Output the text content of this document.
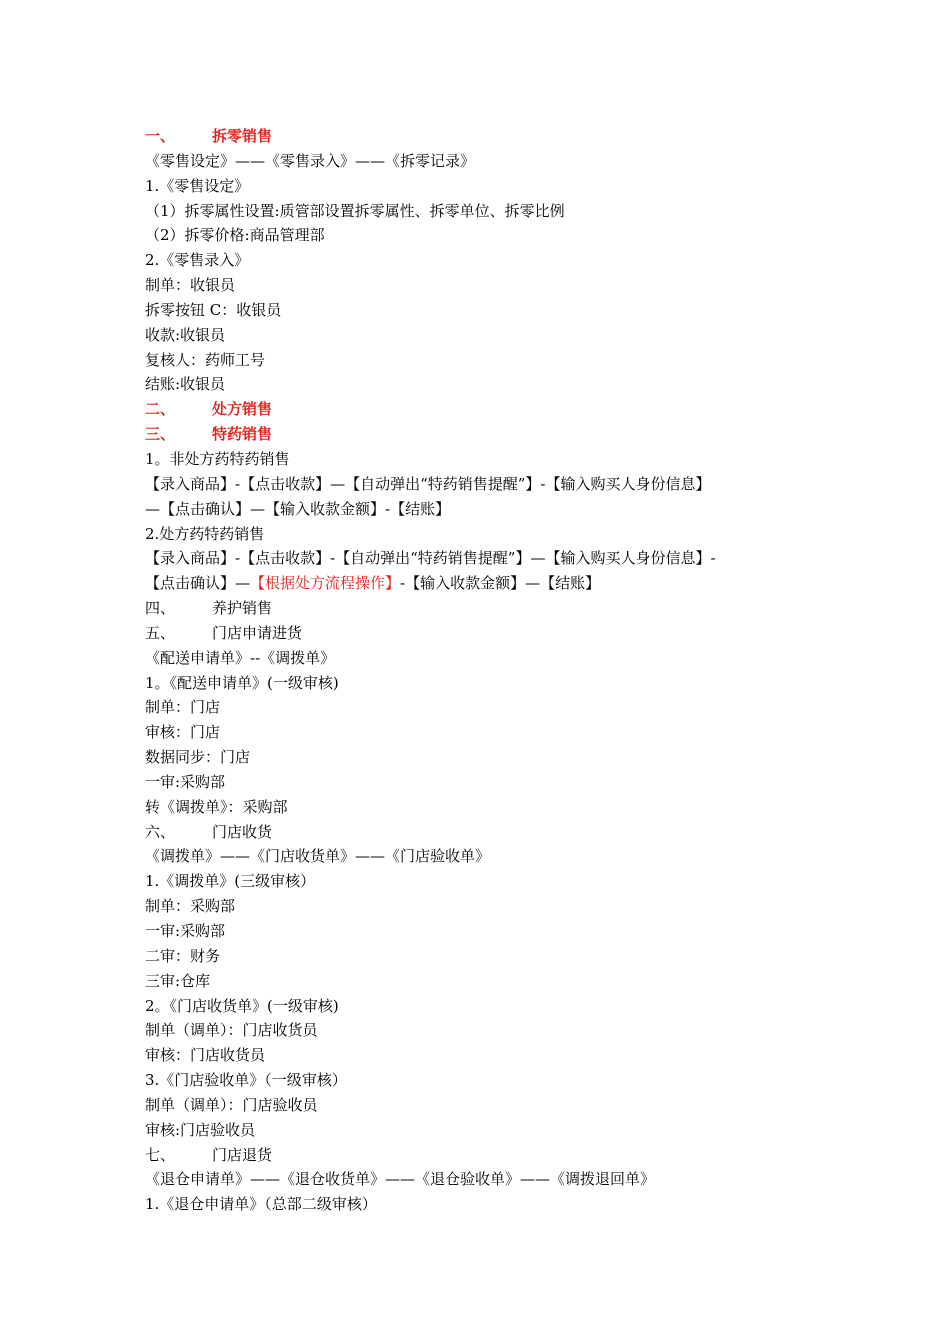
一、 拆零销售
《零售设定》——《零售录入》——《拆零记录》
1.《零售设定》
（1）拆零属性设置:质管部设置拆零属性、拆零单位、拆零比例
（2）拆零价格:商品管理部
2.《零售录入》
制单：收银员
拆零按钮 C：收银员
收款:收银员
复核人：药师工号
结账:收银员
二、 处方销售
三、 特药销售
1。非处方药特药销售
【录入商品】-【点击收款】—【自动弹出“特药销售提醒”】-【输入购买人身份信息】
—【点击确认】—【输入收款金额】-【结账】
2.处方药特药销售
【录入商品】-【点击收款】-【自动弹出“特药销售提醒”】—【输入购买人身份信息】-
【点击确认】—【根据处方流程操作】-【输入收款金额】—【结账】
四、 养护销售
五、 门店申请进货
《配送申请单》--《调拨单》
1。《配送申请单》(一级审核)
制单：门店
审核：门店
数据同步：门店
一审:采购部
转《调拨单》：采购部
六、 门店收货
《调拨单》——《门店收货单》——《门店验收单》
1.《调拨单》(三级审核）
制单：采购部
一审:采购部
二审：财务
三审:仓库
2。《门店收货单》(一级审核)
制单（调单）：门店收货员
审核：门店收货员
3.《门店验收单》（一级审核）
制单（调单）：门店验收员
审核:门店验收员
七、 门店退货
《退仓申请单》——《退仓收货单》——《退仓验收单》——《调拨退回单》
1.《退仓申请单》（总部二级审核）
